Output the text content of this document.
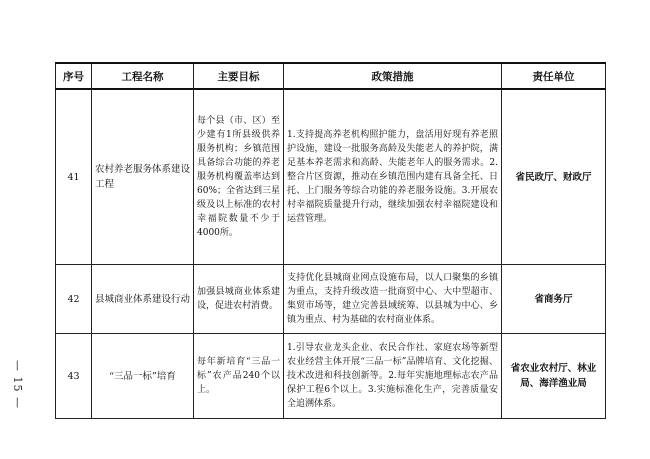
— 15 —
序号	工程名称	主要目标	政策措施	责任单位
41	农村养老服务体系建设工程	每个县（市、区）至少建有1所县级供养服务机构；乡镇范围具备综合功能的养老服务机构覆盖率达到60%；全省达到三星级及以上标准的农村幸福院数量不少于4000所。	1.支持提高养老机构照护能力，盘活用好现有养老照护设施，建设一批服务高龄及失能老人的养护院，满足基本养老需求和高龄、失能老年人的服务需求。2.整合片区资源，推动在乡镇范围内建有具备全托、日托、上门服务等综合功能的养老服务设施。3.开展农村幸福院质量提升行动，继续加强农村幸福院建设和运营管理。	省民政厅、财政厅
42	县城商业体系建设行动	加强县城商业体系建设，促进农村消费。	支持优化县城商业网点设施布局，以人口聚集的乡镇为重点，支持升级改造一批商贸中心、大中型超市、集贸市场等，建立完善县域统筹、以县城为中心、乡镇为重点、村为基础的农村商业体系。	省商务厅
43	“三品一标”培育	每年新培育“三品一标”农产品240个以上。	1.引导农业龙头企业、农民合作社、家庭农场等新型农业经营主体开展“三品一标”品牌培育、文化挖掘、技术改进和科技创新等。2.每年实施地理标志农产品保护工程6个以上。3.实施标准化生产，完善质量安全追溯体系。	省农业农村厅、林业局、海洋渔业局
